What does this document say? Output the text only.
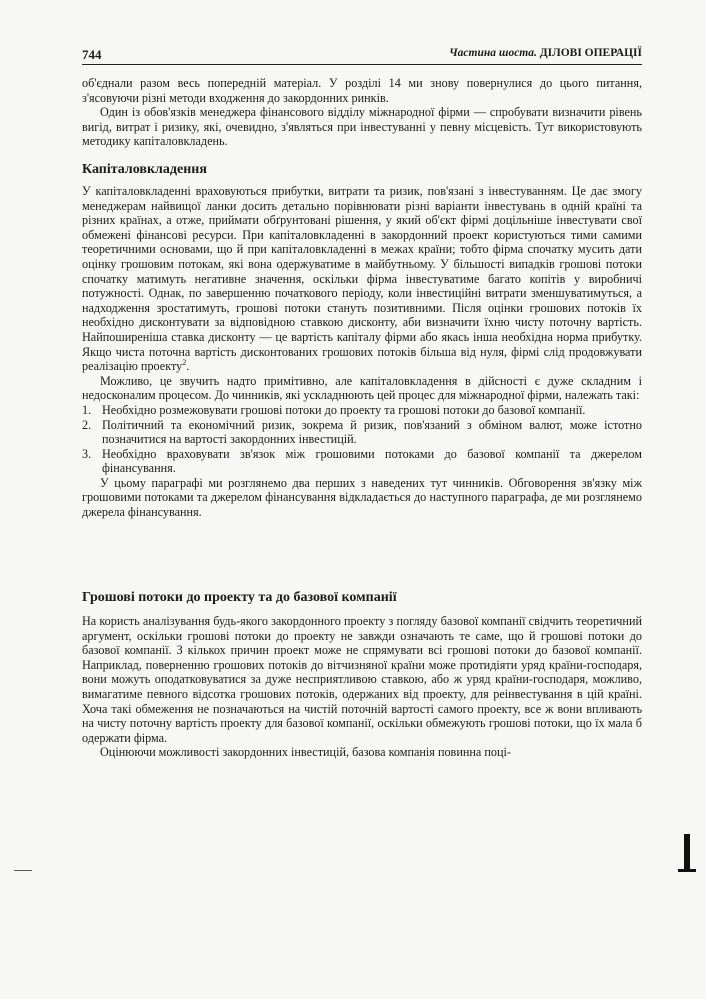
744	Частина шоста. ДІЛОВІ ОПЕРАЦІЇ

об'єднали разом весь попередній матеріал. У розділі 14 ми знову повернулися до цього питання, з'ясовуючи різні методи входження до закордонних ринків.

Один із обов'язків менеджера фінансового відділу міжнародної фірми — спробувати визначити рівень вигід, витрат і ризику, які, очевидно, з'являться при інвестуванні у певну місцевість. Тут використовують методику капіталовкладень.

Капіталовкладення

У капіталовкладенні враховуються прибутки, витрати та ризик, пов'язані з інвестуванням. Це дає змогу менеджерам найвищої ланки досить детально порівнювати різні варіанти інвестувань в одній країні та різних країнах, а отже, приймати обґрунтовані рішення, у який об'єкт фірмі доцільніше інвестувати свої обмежені фінансові ресурси. При капіталовкладенні в закордонний проект користуються тими самими теоретичними основами, що й при капіталовкладенні в межах країни; тобто фірма спочатку мусить дати оцінку грошовим потокам, які вона одержуватиме в майбутньому. У більшості випадків грошові потоки спочатку матимуть негативне значення, оскільки фірма інвестуватиме багато копітів у виробничі потужності. Однак, по завершенню початкового періоду, коли інвестиційні витрати зменшуватимуться, а надходження зростатимуть, грошові потоки стануть позитивними. Після оцінки грошових потоків їх необхідно дисконтувати за відповідною ставкою дисконту, аби визначити їхню чисту поточну вартість. Найпоширеніша ставка дисконту — це вартість капіталу фірми або якась інша необхідна норма прибутку. Якщо чиста поточна вартість дисконтованих грошових потоків більша від нуля, фірмі слід продовжувати реалізацію проекту$^2$.

Можливо, це звучить надто примітивно, але капіталовкладення в дійсності є дуже складним і недосконалим процесом. До чинників, які ускладнюють цей процес для міжнародної фірми, належать такі:

1. Необхідно розмежовувати грошові потоки до проекту та грошові потоки до базової компанії.
2. Політичний та економічний ризик, зокрема й ризик, пов'язаний з обміном валют, може істотно позначитися на вартості закордонних інвестицій.
3. Необхідно враховувати зв'язок між грошовими потоками до базової компанії та джерелом фінансування.

У цьому параграфі ми розглянемо два перших з наведених тут чинників. Обговорення зв'язку між грошовими потоками та джерелом фінансування відкладається до наступного параграфа, де ми розглянемо джерела фінансування.

Грошові потоки до проекту та до базової компанії

На користь аналізування будь-якого закордонного проекту з погляду базової компанії свідчить теоретичний аргумент, оскільки грошові потоки до проекту не завжди означають те саме, що й грошові потоки до базової компанії. З кількох причин проект може не спрямувати всі грошові потоки до базової компанії. Наприклад, поверненню грошових потоків до вітчизняної країни може протидіяти уряд країни-господаря, вони можуть оподатковуватися за дуже несприятливою ставкою, або ж уряд країни-господаря, можливо, вимагатиме певного відсотка грошових потоків, одержаних від проекту, для реінвестування в цій країні. Хоча такі обмеження не позначаються на чистій поточній вартості самого проекту, все ж вони впливають на чисту поточну вартість проекту для базової компанії, оскільки обмежують грошові потоки, що їх мала б одержати фірма.

Оцінюючи можливості закордонних інвестицій, базова компанія повинна поці-
